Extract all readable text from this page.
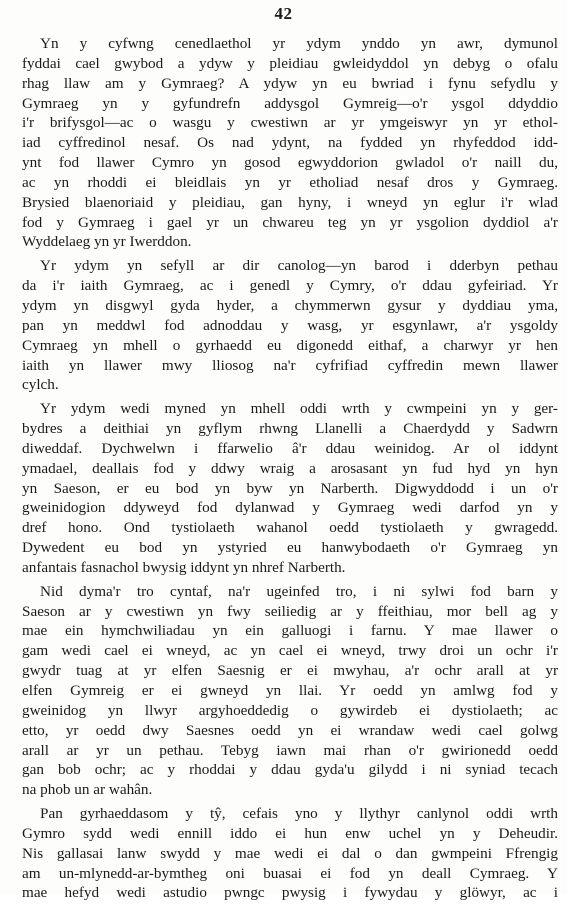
42
Yn y cyfwng cenedlaethol yr ydym ynddo yn awr, dymunol
fyddai cael gwybod a ydyw y pleidiau gwleidyddol yn debyg o ofalu
rhag llaw am y Gymraeg? A ydyw yn eu bwriad i fynu sefydlu y
Gymraeg yn y gyfundrefn addysgol Gymreig—o'r ysgol ddyddio
i'r brifysgol—ac o wasgu y cwestiwn ar yr ymgeiswyr yn yr ethol-
iad cyffredinol nesaf. Os nad ydynt, na fydded yn rhyfeddod idd-
ynt fod llawer Cymro yn gosod egwyddorion gwladol o'r naill du,
ac yn rhoddi ei bleidlais yn yr etholiad nesaf dros y Gymraeg.
Brysied blaenoriaid y pleidiau, gan hyny, i wneyd yn eglur i'r wlad
fod y Gymraeg i gael yr un chwareu teg yn yr ysgolion dyddiol a'r
Wyddelaeg yn yr Iwerddon.
Yr ydym yn sefyll ar dir canolog—yn barod i dderbyn pethau
da i'r iaith Gymraeg, ac i genedl y Cymry, o'r ddau gyfeiriad. Yr
ydym yn disgwyl gyda hyder, a chymmerwn gysur y dyddiau yma,
pan yn meddwl fod adnoddau y wasg, yr esgynlawr, a'r ysgoldy
Cymraeg yn mhell o gyrhaedd eu digonedd eithaf, a charwyr yr hen
iaith yn llawer mwy lliosog na'r cyfrifiad cyffredin mewn llawer
cylch.
Yr ydym wedi myned yn mhell oddi wrth y cwmpeini yn y ger-
bydres a deithiai yn gyflym rhwng Llanelli a Chaerdydd y Sadwrn
diweddaf. Dychwelwn i ffarwelio â'r ddau weinidog. Ar ol iddynt
ymadael, deallais fod y ddwy wraig a arosasant yn fud hyd yn hyn
yn Saeson, er eu bod yn byw yn Narberth. Digwyddodd i un o'r
gweinidogion ddyweyd fod dylanwad y Gymraeg wedi darfod yn y
dref hono. Ond tystiolaeth wahanol oedd tystiolaeth y gwragedd.
Dywedent eu bod yn ystyried eu hanwybodaeth o'r Gymraeg yn
anfantais fasnachol bwysig iddynt yn nhref Narberth.
Nid dyma'r tro cyntaf, na'r ugeinfed tro, i ni sylwi fod barn y
Saeson ar y cwestiwn yn fwy seiliedig ar y ffeithiau, mor bell ag y
mae ein hymchwiliadau yn ein galluogi i farnu. Y mae llawer o
gam wedi cael ei wneyd, ac yn cael ei wneyd, trwy droi un ochr i'r
gwydr tuag at yr elfen Saesnig er ei mwyhau, a'r ochr arall at yr
elfen Gymreig er ei gwneyd yn llai. Yr oedd yn amlwg fod y
gweinidog yn llwyr argyhoeddedig o gywirdeb ei dystiolaeth; ac
etto, yr oedd dwy Saesnes oedd yn ei wrandaw wedi cael golwg
arall ar yr un pethau. Tebyg iawn mai rhan o'r gwirionedd oedd
gan bob ochr; ac y rhoddai y ddau gyda'u gilydd i ni syniad tecach
na phob un ar wahân.
Pan gyrhaeddasom y tŷ, cefais yno y llythyr canlynol oddi wrth
Gymro sydd wedi ennill iddo ei hun enw uchel yn y Deheudir.
Nis gallasai lanw swydd y mae wedi ei dal o dan gwmpeini Ffrengig
am un-mlynedd-ar-bymtheg oni buasai ei fod yn deall Cymraeg. Y
mae hefyd wedi astudio pwngc pwysig i fywydau y glöwyr, ac i
